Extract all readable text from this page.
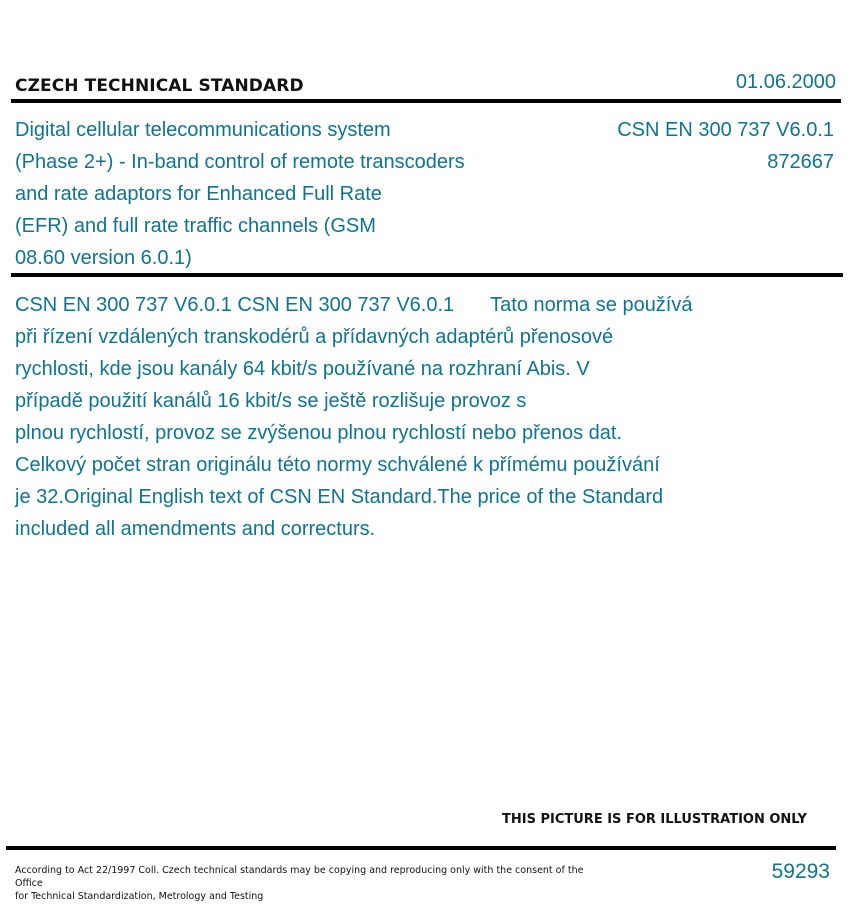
CZECH TECHNICAL STANDARD	01.06.2000
Digital cellular telecommunications system
(Phase 2+) - In-band control of remote transcoders
and rate adaptors for Enhanced Full Rate
(EFR) and full rate traffic channels (GSM
08.60 version 6.0.1)
CSN EN 300 737 V6.0.1
872667
CSN EN 300 737 V6.0.1 CSN EN 300 737 V6.0.1 Tato norma se používá
při řízení vzdálených transkodérů a přídavných adaptérů přenosové
rychlosti, kde jsou kanály 64 kbit/s používané na rozhraní Abis. V
případě použití kanálů 16 kbit/s se ještě rozlišuje provoz s
plnou rychlostí, provoz se zvýšenou plnou rychlostí nebo přenos dat.
Celkový počet stran originálu této normy schválené k přímému používání
je 32.Original English text of CSN EN Standard.The price of the Standard
included all amendments and correcturs.
THIS PICTURE IS FOR ILLUSTRATION ONLY
According to Act 22/1997 Coll. Czech technical standards may be copying and reproducing only with the consent of the Office
for Technical Standardization, Metrology and Testing
59293
